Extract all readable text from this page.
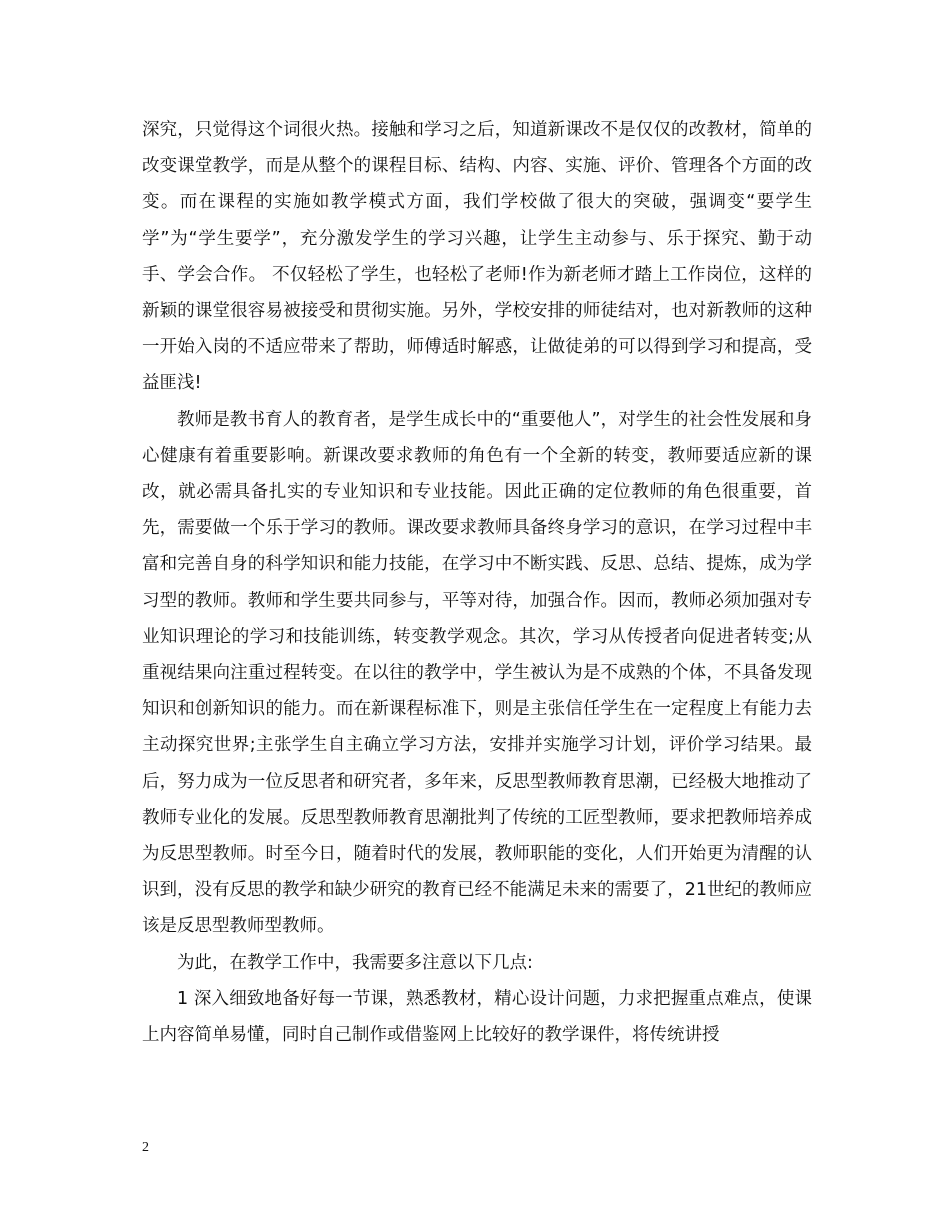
深究，只觉得这个词很火热。接触和学习之后，知道新课改不是仅仅的改教材，简单的改变课堂教学，而是从整个的课程目标、结构、内容、实施、评价、管理各个方面的改变。而在课程的实施如教学模式方面，我们学校做了很大的突破，强调变“要学生学”为“学生要学”，充分激发学生的学习兴趣，让学生主动参与、乐于探究、勤于动手、学会合作。 不仅轻松了学生，也轻松了老师!作为新老师才踏上工作岗位，这样的新颖的课堂很容易被接受和贯彻实施。另外，学校安排的师徒结对，也对新教师的这种一开始入岗的不适应带来了帮助，师傅适时解惑，让做徒弟的可以得到学习和提高，受益匪浅!

教师是教书育人的教育者，是学生成长中的“重要他人”，对学生的社会性发展和身心健康有着重要影响。新课改要求教师的角色有一个全新的转变，教师要适应新的课改，就必需具备扎实的专业知识和专业技能。因此正确的定位教师的角色很重要，首先，需要做一个乐于学习的教师。课改要求教师具备终身学习的意识，在学习过程中丰富和完善自身的科学知识和能力技能，在学习中不断实践、反思、总结、提炼，成为学习型的教师。教师和学生要共同参与，平等对待，加强合作。因而，教师必须加强对专业知识理论的学习和技能训练，转变教学观念。其次，学习从传授者向促进者转变;从重视结果向注重过程转变。在以往的教学中，学生被认为是不成熟的个体，不具备发现知识和创新知识的能力。而在新课程标准下，则是主张信任学生在一定程度上有能力去主动探究世界;主张学生自主确立学习方法，安排并实施学习计划，评价学习结果。最后，努力成为一位反思者和研究者，多年来，反思型教师教育思潮，已经极大地推动了教师专业化的发展。反思型教师教育思潮批判了传统的工匠型教师，要求把教师培养成为反思型教师。时至今日，随着时代的发展，教师职能的变化，人们开始更为清醒的认识到，没有反思的教学和缺少研究的教育已经不能满足未来的需要了，21世纪的教师应该是反思型教师型教师。

为此，在教学工作中，我需要多注意以下几点:

1 深入细致地备好每一节课，熟悉教材，精心设计问题，力求把握重点难点，使课上内容简单易懂，同时自己制作或借鉴网上比较好的教学课件，将传统讲授

2
